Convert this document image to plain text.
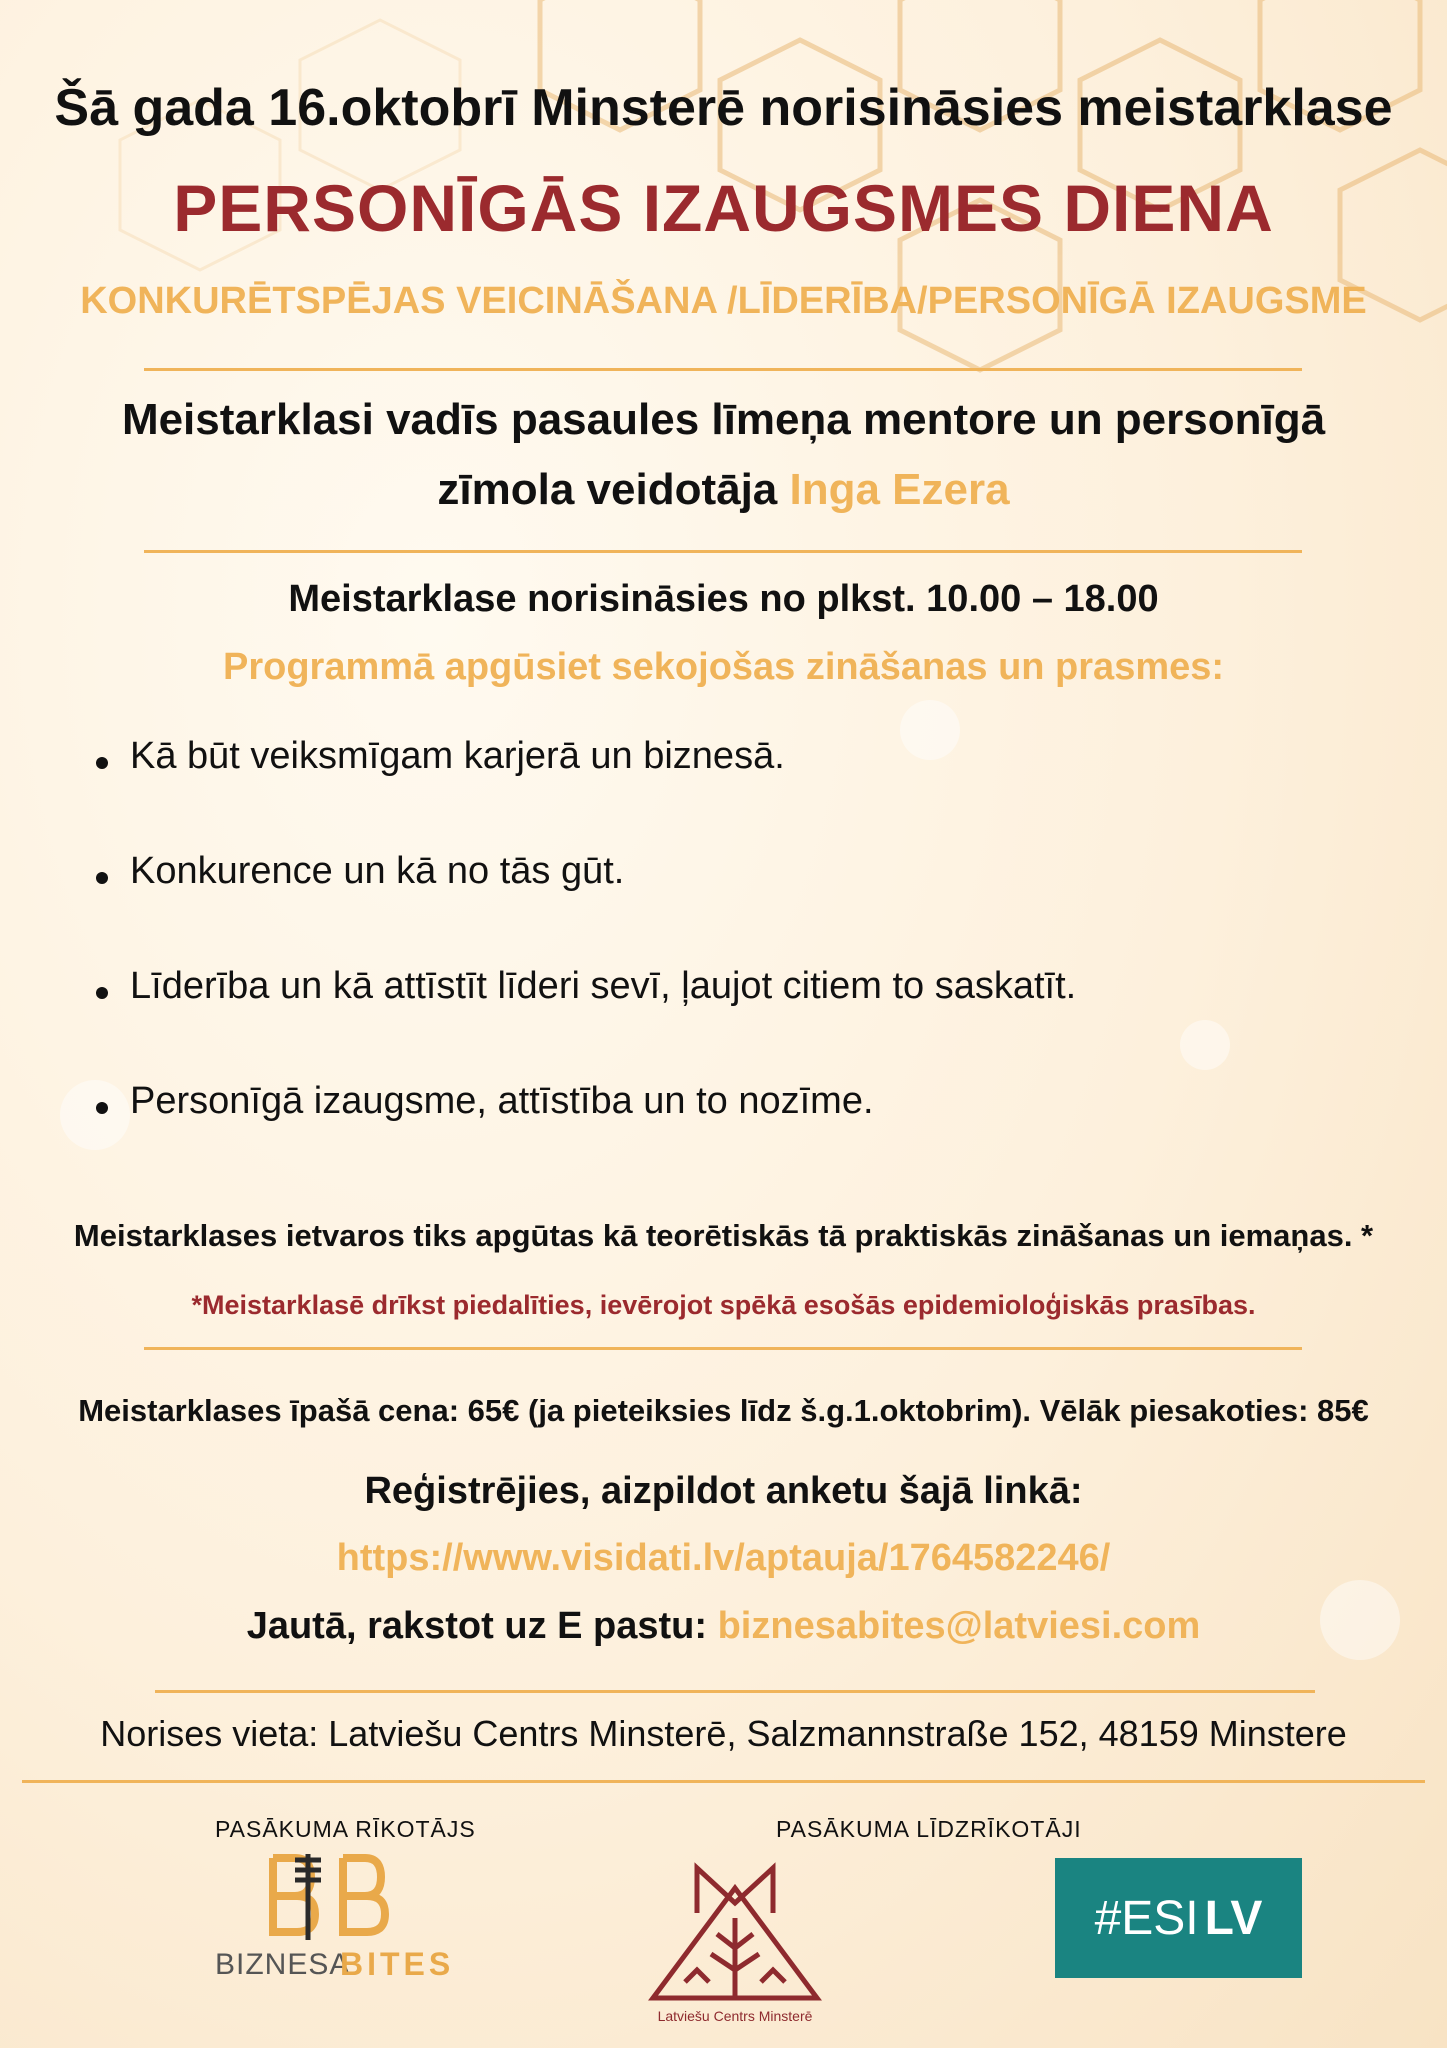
Šā gada 16.oktobrī Minsterē norisināsies meistarklase
PERSONĪGĀS IZAUGSMES DIENA
KONKURĒTSPĒJAS VEICINĀŠANA /LĪDERĪBA/PERSONĪGĀ IZAUGSME
Meistarklasi vadīs pasaules līmeņa mentore un personīgā
zīmola veidotāja Inga Ezera
Meistarklase norisināsies no plkst. 10.00 – 18.00
Programmā apgūsiet sekojošas zināšanas un prasmes:
Kā būt veiksmīgam karjerā un biznesā.
Konkurence un kā no tās gūt.
Līderība un kā attīstīt līderi sevī, ļaujot citiem to saskatīt.
Personīgā izaugsme, attīstība un to nozīme.
Meistarklases ietvaros tiks apgūtas kā teorētiskās tā praktiskās zināšanas un iemaņas. *
*Meistarklasē drīkst piedalīties, ievērojot spēkā esošās epidemioloģiskās prasības.
Meistarklases īpašā cena: 65€ (ja pieteiksies līdz š.g.1.oktobrim). Vēlāk piesakoties: 85€
Reģistrējies, aizpildot anketu šajā linkā:
https://www.visidati.lv/aptauja/1764582246/
Jautā, rakstot uz E pastu: biznesabites@latviesi.com
Norises vieta: Latviešu Centrs Minsterē, Salzmannstraße 152, 48159 Minstere
PASĀKUMA RĪKOTĀJS	PASĀKUMA LĪDZRĪKOTĀJI
BIZNESA
BITES
Latviešu Centrs Minsterē
# ESI LV
